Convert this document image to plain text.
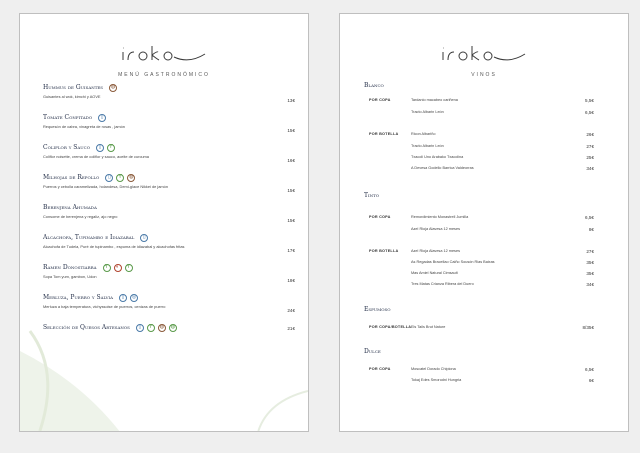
MENÚ GASTRONÓMICO
Hummus de Guisantes	◍
Guisantes al wok, kimchi y AOVE
13€
Tomate Confitado	▯
Requesón de cabra, vinagreta de rosas , jamón
15€
Coliflor y Sauco	▯	ϒ
Coliflor noisette, crema de coliflor y sauco, aceite de curcuma
16€
Milhojas de Repollo	▯	ϒ	◍
Puerros y cebolla caramelizada, holandesa, Demi-glace Nikkei de jamón
15€
Berenjena Ahumada
Consome de berenjena y regaliz, ajo negro
15€
Alcachofa, Tupinambo e Idiazabal	▯
Alcachofa de Tudela, Puré de tupinambo , espuma de idiazabal y alcachofas fritas
17€
Ramen Donostiarra	ϒ	◐	ϒ
Sopa Tom yum, gambon, Udon
18€
Merluza, Puerro y Salvia	▯	◎
Merluza a baja temperatura, vichyssoise de puerros, cenizas de puerro
24€
Selección de Quesos Artesanos	▯	ϒ	◍	◍	21€
VINOS
Blanco
POR COPA	Tardanio macabeo cariñena	5,5€
Tracto Albarin León	6,5€
POR BOTELLA	Ricon Albariño	26€
Tracto Albarin León	27€
Txacoli Uno Arabako Txacolina	25€
A Devesa Godello Barrica Valdeorras	34€
Tinto
POR COPA	Remordimiento Monastrell Jumilla	6,5€
Azel Rioja Alavesa 12 meses	8€
POR BOTELLA	Azel Rioja Alavesa 12 meses	27€
As Regadas Bracellao Caiño Sousón Rias Baixas	35€
Mas Amiel Natural Cimsault	35€
Tres Matas Crianza Ribera del Duero	34€
Espumoso
POR COPA/BOTELLA Els Tails Brut Nature	8/35€
Dulce
POR COPA	Moscatel Dorado Chipiona	6,5€
Tokaj Edes Smorodni Hungria	6€
